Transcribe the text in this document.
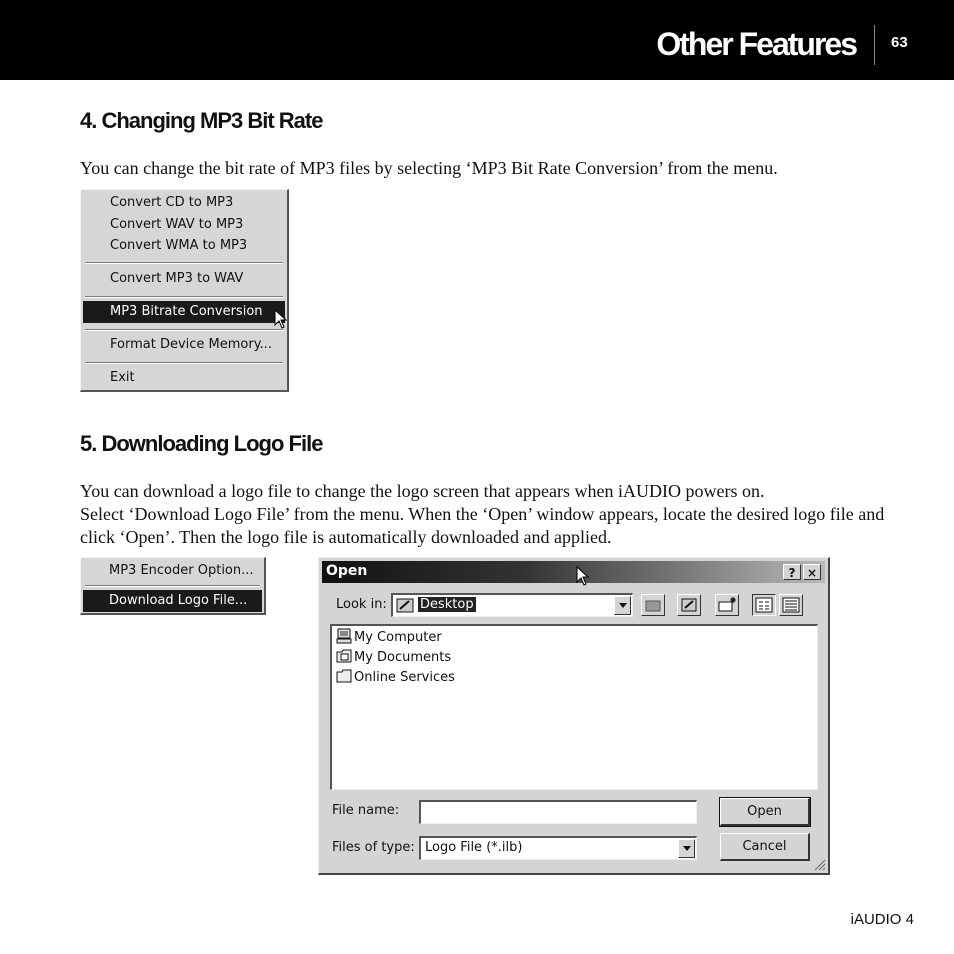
Other Features 63
4. Changing MP3 Bit Rate

You can change the bit rate of MP3 files by selecting ‘MP3 Bit Rate Conversion’ from the menu.

Convert CD to MP3
Convert WAV to MP3
Convert WMA to MP3
Convert MP3 to WAV
MP3 Bitrate Conversion
Format Device Memory...
Exit
5. Downloading Logo File

You can download a logo file to change the logo screen that appears when iAUDIO powers on.

Select ‘Download Logo File’ from the menu. When the ‘Open’ window appears, locate the desired logo file and

click ‘Open’. Then the logo file is automatically downloaded and applied.

MP3 Encoder Option...
Download Logo File...
Open	? ×
Look in:	Desktop
My Computer
My Documents
Online Services
File name:	Open
Files of type: Logo File (*.ilb)	Cancel
iAUDIO 4
